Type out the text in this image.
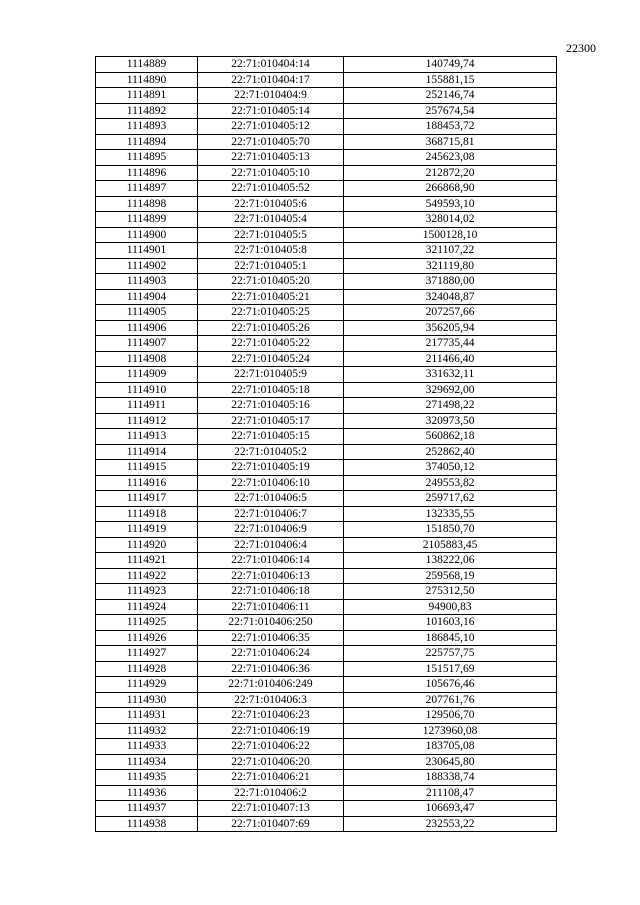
22300
1114889	22:71:010404:14	140749,74
1114890	22:71:010404:17	155881,15
1114891	22:71:010404:9	252146,74
1114892	22:71:010405:14	257674,54
1114893	22:71:010405:12	188453,72
1114894	22:71:010405:70	368715,81
1114895	22:71:010405:13	245623,08
1114896	22:71:010405:10	212872,20
1114897	22:71:010405:52	266868,90
1114898	22:71:010405:6	549593,10
1114899	22:71:010405:4	328014,02
1114900	22:71:010405:5	1500128,10
1114901	22:71:010405:8	321107,22
1114902	22:71:010405:1	321119,80
1114903	22:71:010405:20	371880,00
1114904	22:71:010405:21	324048,87
1114905	22:71:010405:25	207257,66
1114906	22:71:010405:26	356205,94
1114907	22:71:010405:22	217735,44
1114908	22:71:010405:24	211466,40
1114909	22:71:010405:9	331632,11
1114910	22:71:010405:18	329692,00
1114911	22:71:010405:16	271498,22
1114912	22:71:010405:17	320973,50
1114913	22:71:010405:15	560862,18
1114914	22:71:010405:2	252862,40
1114915	22:71:010405:19	374050,12
1114916	22:71:010406:10	249553,82
1114917	22:71:010406:5	259717,62
1114918	22:71:010406:7	132335,55
1114919	22:71:010406:9	151850,70
1114920	22:71:010406:4	2105883,45
1114921	22:71:010406:14	138222,06
1114922	22:71:010406:13	259568,19
1114923	22:71:010406:18	275312,50
1114924	22:71:010406:11	94900,83
1114925	22:71:010406:250	101603,16
1114926	22:71:010406:35	186845,10
1114927	22:71:010406:24	225757,75
1114928	22:71:010406:36	151517,69
1114929	22:71:010406:249	105676,46
1114930	22:71:010406:3	207761,76
1114931	22:71:010406:23	129506,70
1114932	22:71:010406:19	1273960,08
1114933	22:71:010406:22	183705,08
1114934	22:71:010406:20	230645,80
1114935	22:71:010406:21	188338,74
1114936	22:71:010406:2	211108,47
1114937	22:71:010407:13	106693,47
1114938	22:71:010407:69	232553,22
